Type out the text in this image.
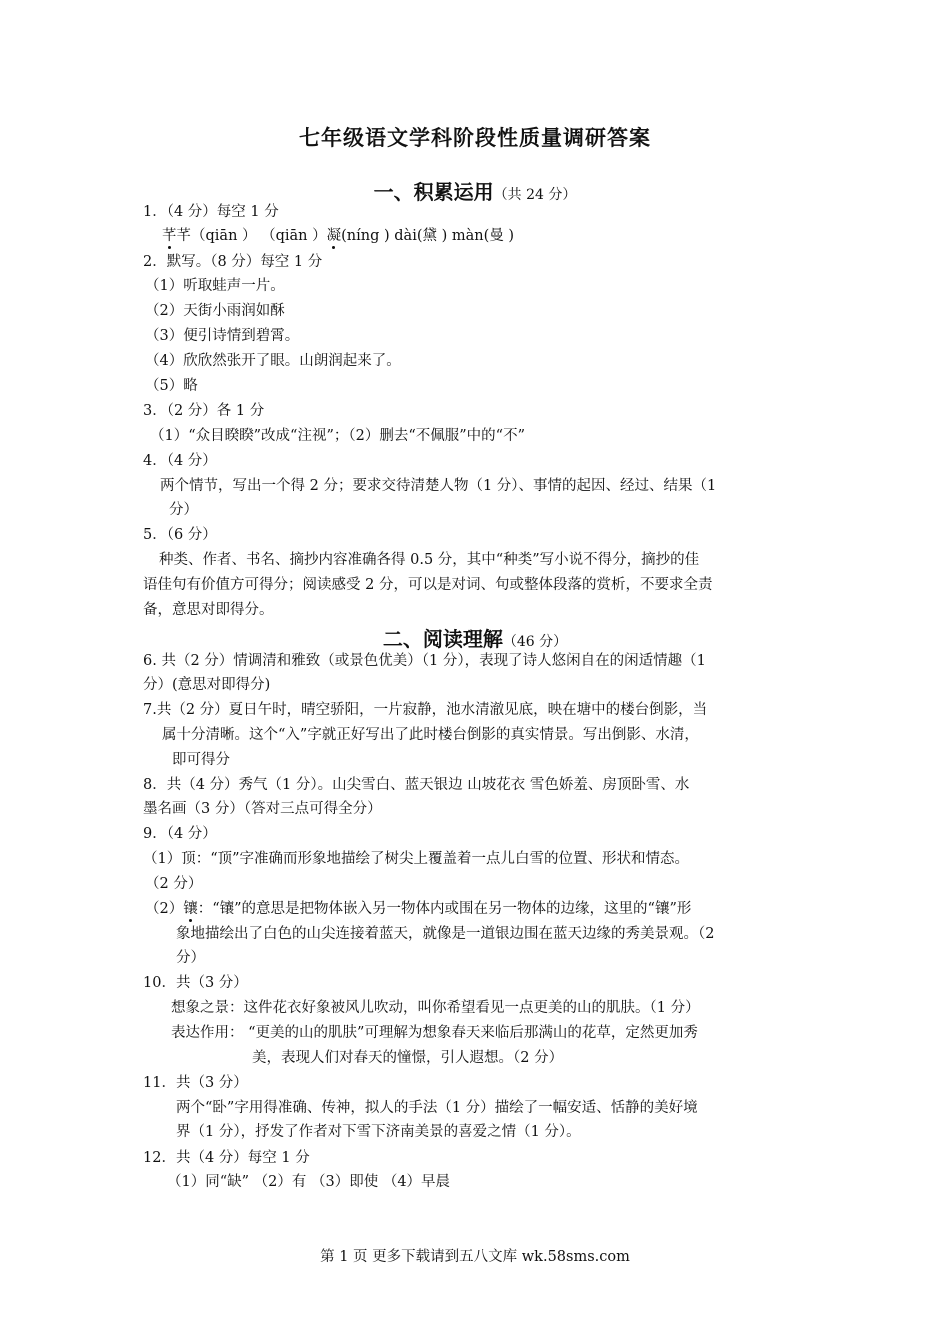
七年级语文学科阶段性质量调研答案
一、积累运用（共 24 分）
1．（4 分）每空 1 分
芊芊（qiān ） （qiān ）凝(níng ) dài(黛 ) màn(曼 )
2．默写。（8 分）每空 1 分
（1）听取蛙声一片。
（2）天街小雨润如酥
（3）便引诗情到碧霄。
（4）欣欣然张开了眼。山朗润起来了。
（5）略
3．（2 分）各 1 分
（1）“众目睽睽”改成“注视”；（2）删去“不佩服”中的“不”
4．（4 分）
两个情节，写出一个得 2 分；要求交待清楚人物（1 分）、事情的起因、经过、结果（1
分）
5．（6 分）
种类、作者、书名、摘抄内容准确各得 0.5 分，其中“种类”写小说不得分，摘抄的佳
语佳句有价值方可得分；阅读感受 2 分，可以是对词、句或整体段落的赏析，不要求全责
备，意思对即得分。
二、阅读理解（46 分）
6. 共（2 分）情调清和雅致（或景色优美）（1 分），表现了诗人悠闲自在的闲适情趣（1
分）(意思对即得分)
7.共（2 分）夏日午时，晴空骄阳，一片寂静，池水清澈见底，映在塘中的楼台倒影，当
属十分清晰。这个“入”字就正好写出了此时楼台倒影的真实情景。写出倒影、水清，
即可得分
8．共（4 分）秀气（1 分）。山尖雪白、蓝天银边 山坡花衣 雪色娇羞、房顶卧雪、水
墨名画（3 分）（答对三点可得全分）
9．（4 分）
（1）顶：“顶”字准确而形象地描绘了树尖上覆盖着一点儿白雪的位置、形状和情态。
（2 分）
（2）镶：“镶”的意思是把物体嵌入另一物体内或围在另一物体的边缘，这里的“镶”形
象地描绘出了白色的山尖连接着蓝天，就像是一道银边围在蓝天边缘的秀美景观。（2
分）
10．共（3 分）
想象之景：这件花衣好象被风儿吹动，叫你希望看见一点更美的山的肌肤。（1 分）
表达作用： “更美的山的肌肤”可理解为想象春天来临后那满山的花草，定然更加秀
美，表现人们对春天的憧憬，引人遐想。（2 分）
11．共（3 分）
两个“卧”字用得准确、传神，拟人的手法（1 分）描绘了一幅安适、恬静的美好境
界（1 分），抒发了作者对下雪下济南美景的喜爱之情（1 分）。
12．共（4 分）每空 1 分
（1）同“缺” （2）有 （3）即使 （4）早晨
第 1 页 更多下载请到五八文库 wk.58sms.com
